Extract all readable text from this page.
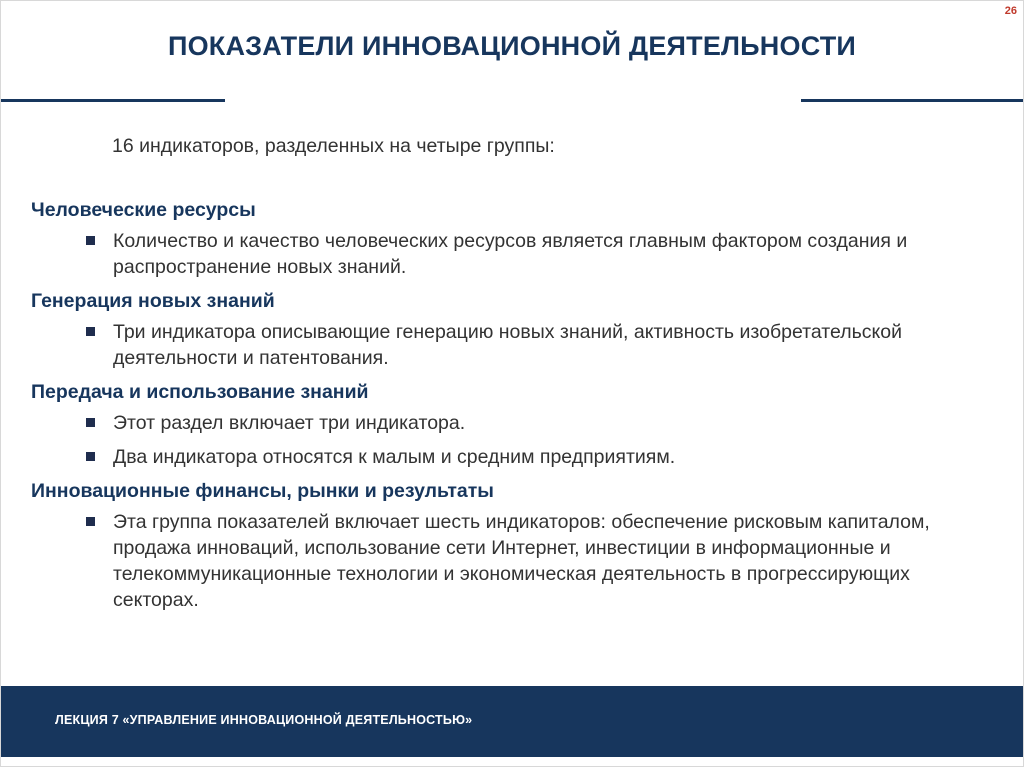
26
ПОКАЗАТЕЛИ ИННОВАЦИОННОЙ ДЕЯТЕЛЬНОСТИ
16 индикаторов, разделенных на четыре группы:
Человеческие ресурсы
Количество и качество человеческих ресурсов является главным фактором создания и распространение новых знаний.
Генерация новых знаний
Три индикатора описывающие генерацию новых знаний, активность изобретательской деятельности и патентования.
Передача и использование знаний
Этот раздел включает три индикатора.
Два индикатора относятся к малым и средним предприятиям.
Инновационные финансы, рынки и результаты
Эта группа показателей включает шесть индикаторов: обеспечение рисковым капиталом, продажа инноваций, использование сети Интернет, инвестиции в информационные и телекоммуникационные технологии и экономическая деятельность в прогрессирующих секторах.
ЛЕКЦИЯ 7 «УПРАВЛЕНИЕ ИННОВАЦИОННОЙ ДЕЯТЕЛЬНОСТЬЮ»
